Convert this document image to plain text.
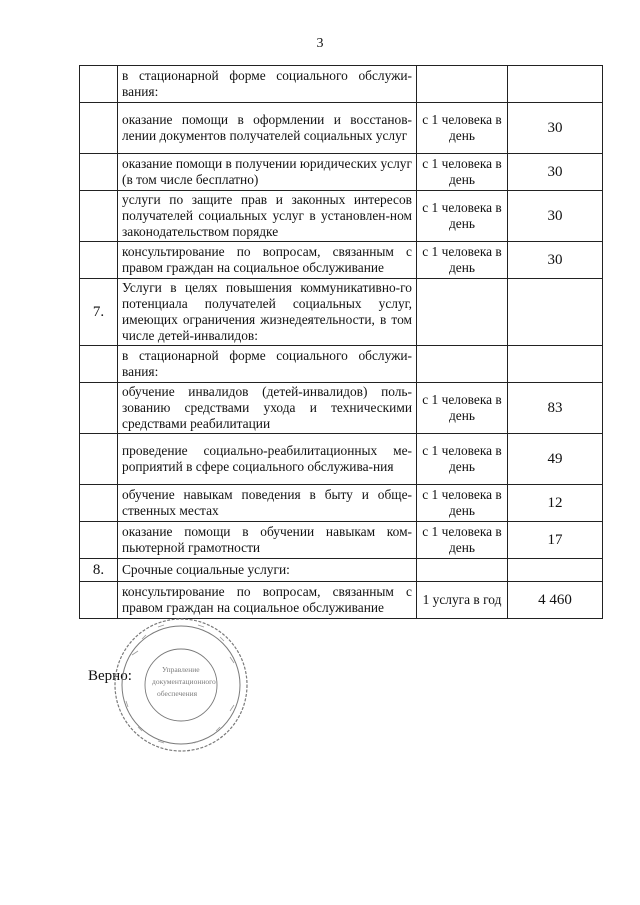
3
	в стационарной форме социального обслужи-вания:		
	оказание помощи в оформлении и восстанов-лении документов получателей социальных услуг	с 1 человека в день	30
	оказание помощи в получении юридических услуг (в том числе бесплатно)	с 1 человека в день	30
	услуги по защите прав и законных интересов получателей социальных услуг в установлен-ном законодательством порядке	с 1 человека в день	30
	консультирование по вопросам, связанным с правом граждан на социальное обслуживание	с 1 человека в день	30
7.	Услуги в целях повышения коммуникативно-го потенциала получателей социальных услуг, имеющих ограничения жизнедеятельности, в том числе детей-инвалидов:		
	в стационарной форме социального обслужи-вания:		
	обучение инвалидов (детей-инвалидов) поль-зованию средствами ухода и техническими средствами реабилитации	с 1 человека в день	83
	проведение социально-реабилитационных ме-роприятий в сфере социального обслужива-ния	с 1 человека в день	49
	обучение навыкам поведения в быту и обще-ственных местах	с 1 человека в день	12
	оказание помощи в обучении навыкам ком-пьютерной грамотности	с 1 человека в день	17
8.	Срочные социальные услуги:		
	консультирование по вопросам, связанным с правом граждан на социальное обслуживание	1 услуга в год	4 460
Верно:	Управление
документационного
обеспечения
